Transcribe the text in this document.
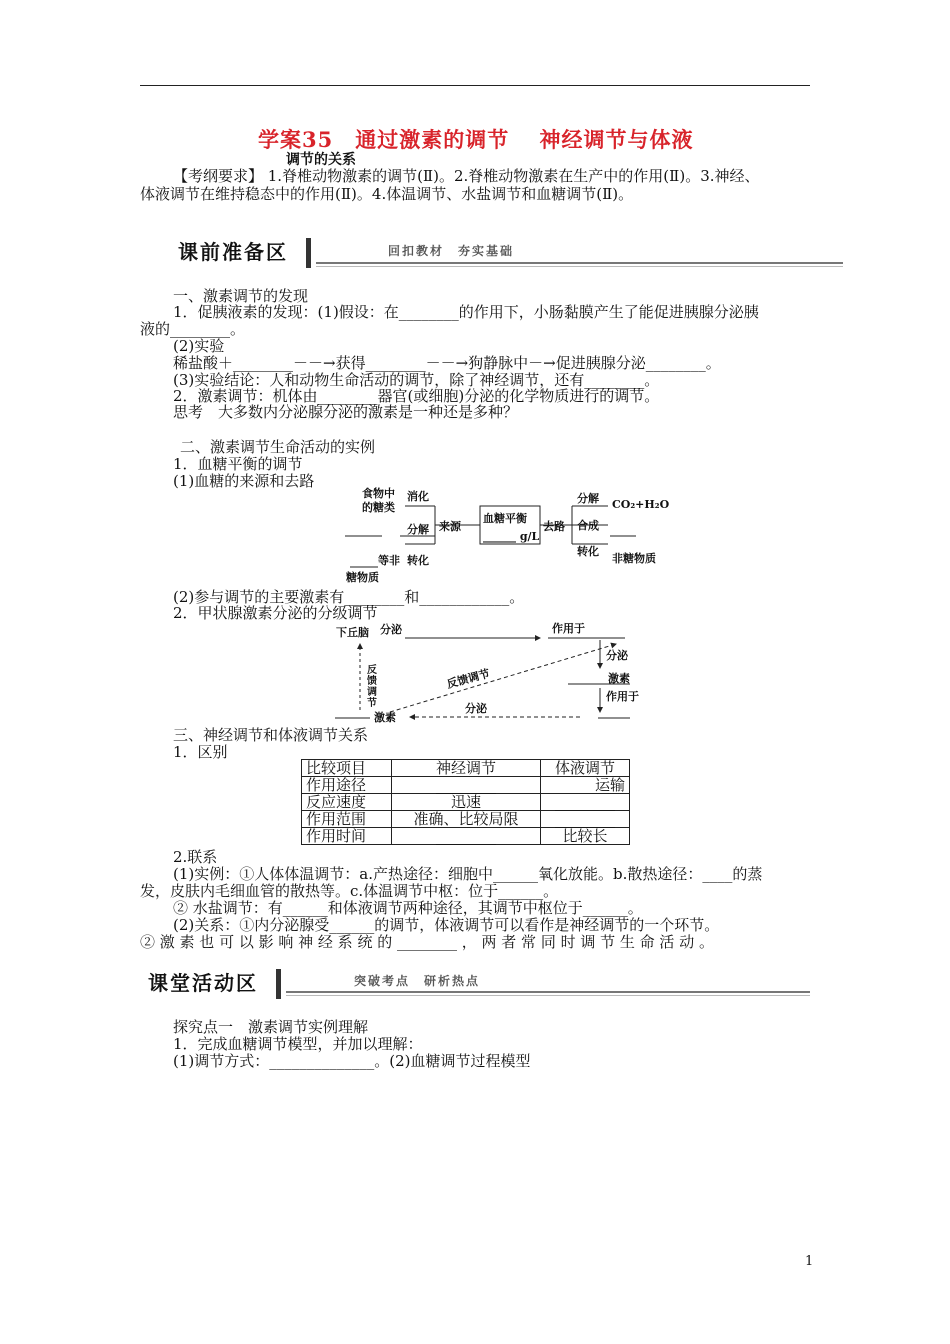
学案35　通过激素的调节　 神经调节与体液
调节的关系
【考纲要求】 1.脊椎动物激素的调节(Ⅱ)。2.脊椎动物激素在生产中的作用(Ⅱ)。3.神经、
体液调节在维持稳态中的作用(Ⅱ)。4.体温调节、水盐调节和血糖调节(Ⅱ)。
课前准备区	回扣教材　夯实基础
一、激素调节的发现
1．促胰液素的发现：(1)假设：在________的作用下，小肠黏膜产生了能促进胰腺分泌胰
液的________。
(2)实验
稀盐酸＋________－－→获得________－－→狗静脉中－→促进胰腺分泌________。
(3)实验结论：人和动物生命活动的调节，除了神经调节，还有________。
2．激素调节：机体由________器官(或细胞)分泌的化学物质进行的调节。
思考　大多数内分泌腺分泌的激素是一种还是多种？
二、激素调节生命活动的实例
1．血糖平衡的调节
(1)血糖的来源和去路
食物中
的糖类
消化
分解 来源
血糖平衡
______ g/L
去路
分解 CO₂+H₂O
合成
转化
非糖物质
等非 转化
糖物质
(2)参与调节的主要激素有________和____________。
2．甲状腺激素分泌的分级调节
下丘脑 分泌	作用于
分泌
激素
作用于
反馈调节
分泌
激素
反馈调节
三、神经调节和体液调节关系
1．区别
比较项目	神经调节	体液调节
作用途径	________	运输
反应速度	迅速	________
作用范围	准确、比较局限	________
作用时间	________	比较长
2.联系
(1)实例：①人体体温调节：a.产热途径：细胞中______氧化放能。b.散热途径：____的蒸
发，皮肤内毛细血管的散热等。c.体温调节中枢：位于______。
② 水盐调节：有______和体液调节两种途径，其调节中枢位于______。
(2)关系：①内分泌腺受______的调节，体液调节可以看作是神经调节的一个环节。
② 激 素 也 可 以 影 响 神 经 系 统 的 ________ ， 两 者 常 同 时 调 节 生 命 活 动 。
课堂活动区	突破考点　研析热点
探究点一　激素调节实例理解
1．完成血糖调节模型，并加以理解：
(1)调节方式：______________。(2)血糖调节过程模型
1
